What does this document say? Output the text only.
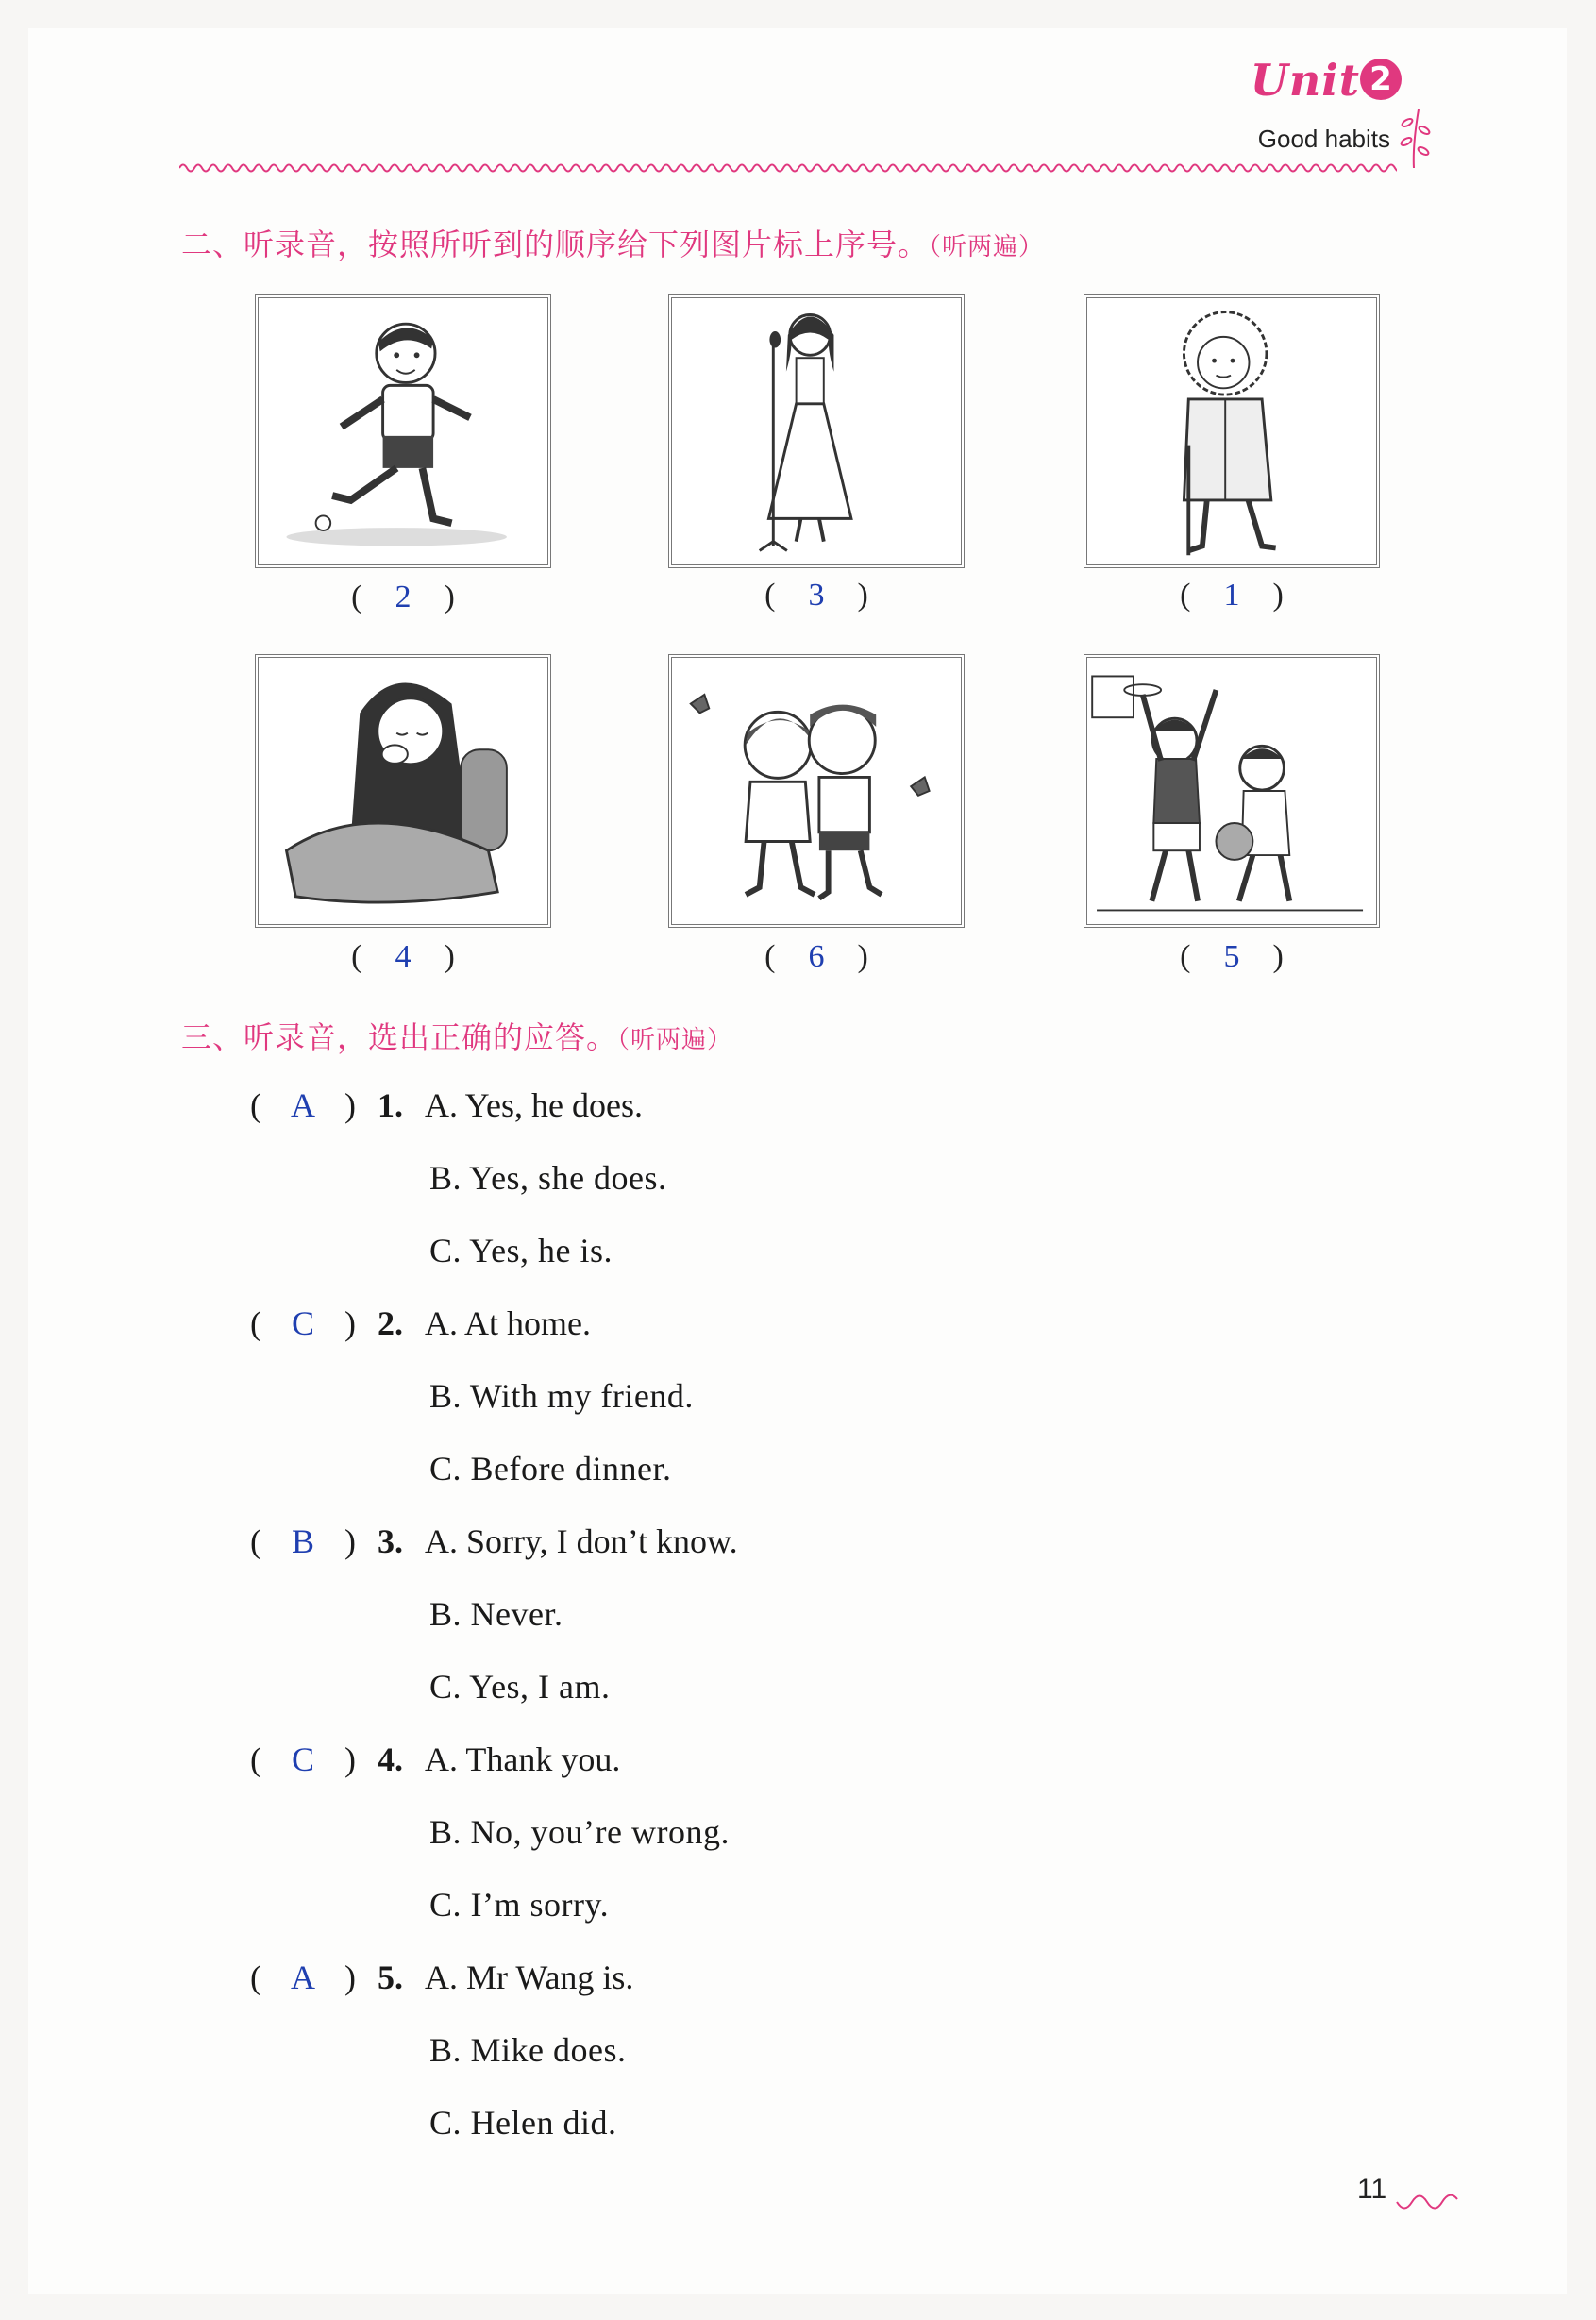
Unit 2
Good habits
二、听录音，按照所听到的顺序给下列图片标上序号。（听两遍）
( 2 )	( 3 )	( 1 )
( 4 )	( 6 )	( 5 )
三、听录音，选出正确的应答。（听两遍）
( A ) 1. A. Yes, he does.
B. Yes, she does.
C. Yes, he is.
( C ) 2. A. At home.
B. With my friend.
C. Before dinner.
( B ) 3. A. Sorry, I don’t know.
B. Never.
C. Yes, I am.
( C ) 4. A. Thank you.
B. No, you’re wrong.
C. I’m sorry.
( A ) 5. A. Mr Wang is.
B. Mike does.
C. Helen did.
11
